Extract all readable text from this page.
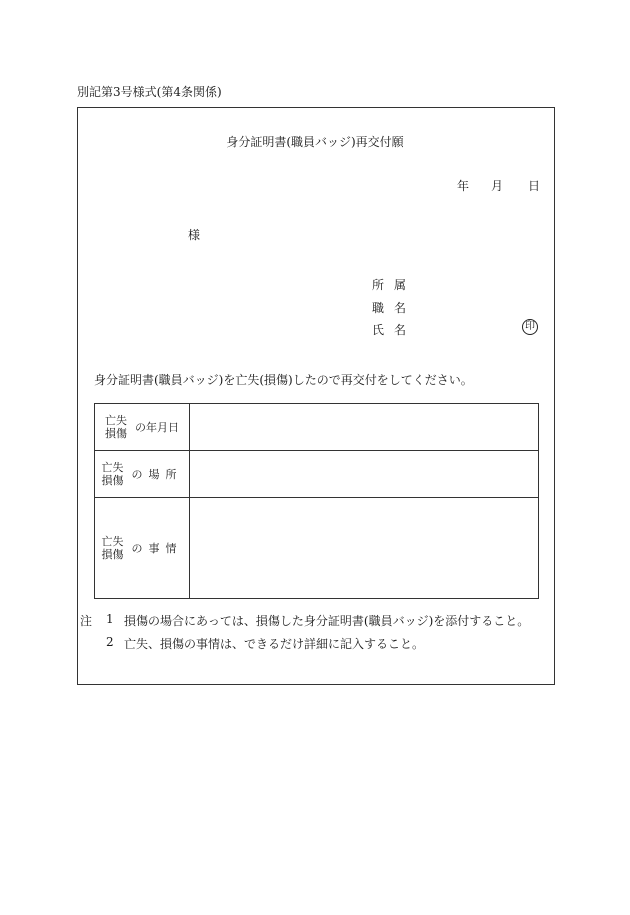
別記第3号様式(第4条関係)
身分証明書(職員バッジ)再交付願
年 月 日
様
所属
職名
氏名	印
身分証明書(職員バッジ)を亡失(損傷)したので再交付をしてください。
亡失
損傷 の年月日
亡失
損傷 の場所
亡失
損傷 の事情
注 1 損傷の場合にあっては、損傷した身分証明書(職員バッジ)を添付すること。
2 亡失、損傷の事情は、できるだけ詳細に記入すること。
